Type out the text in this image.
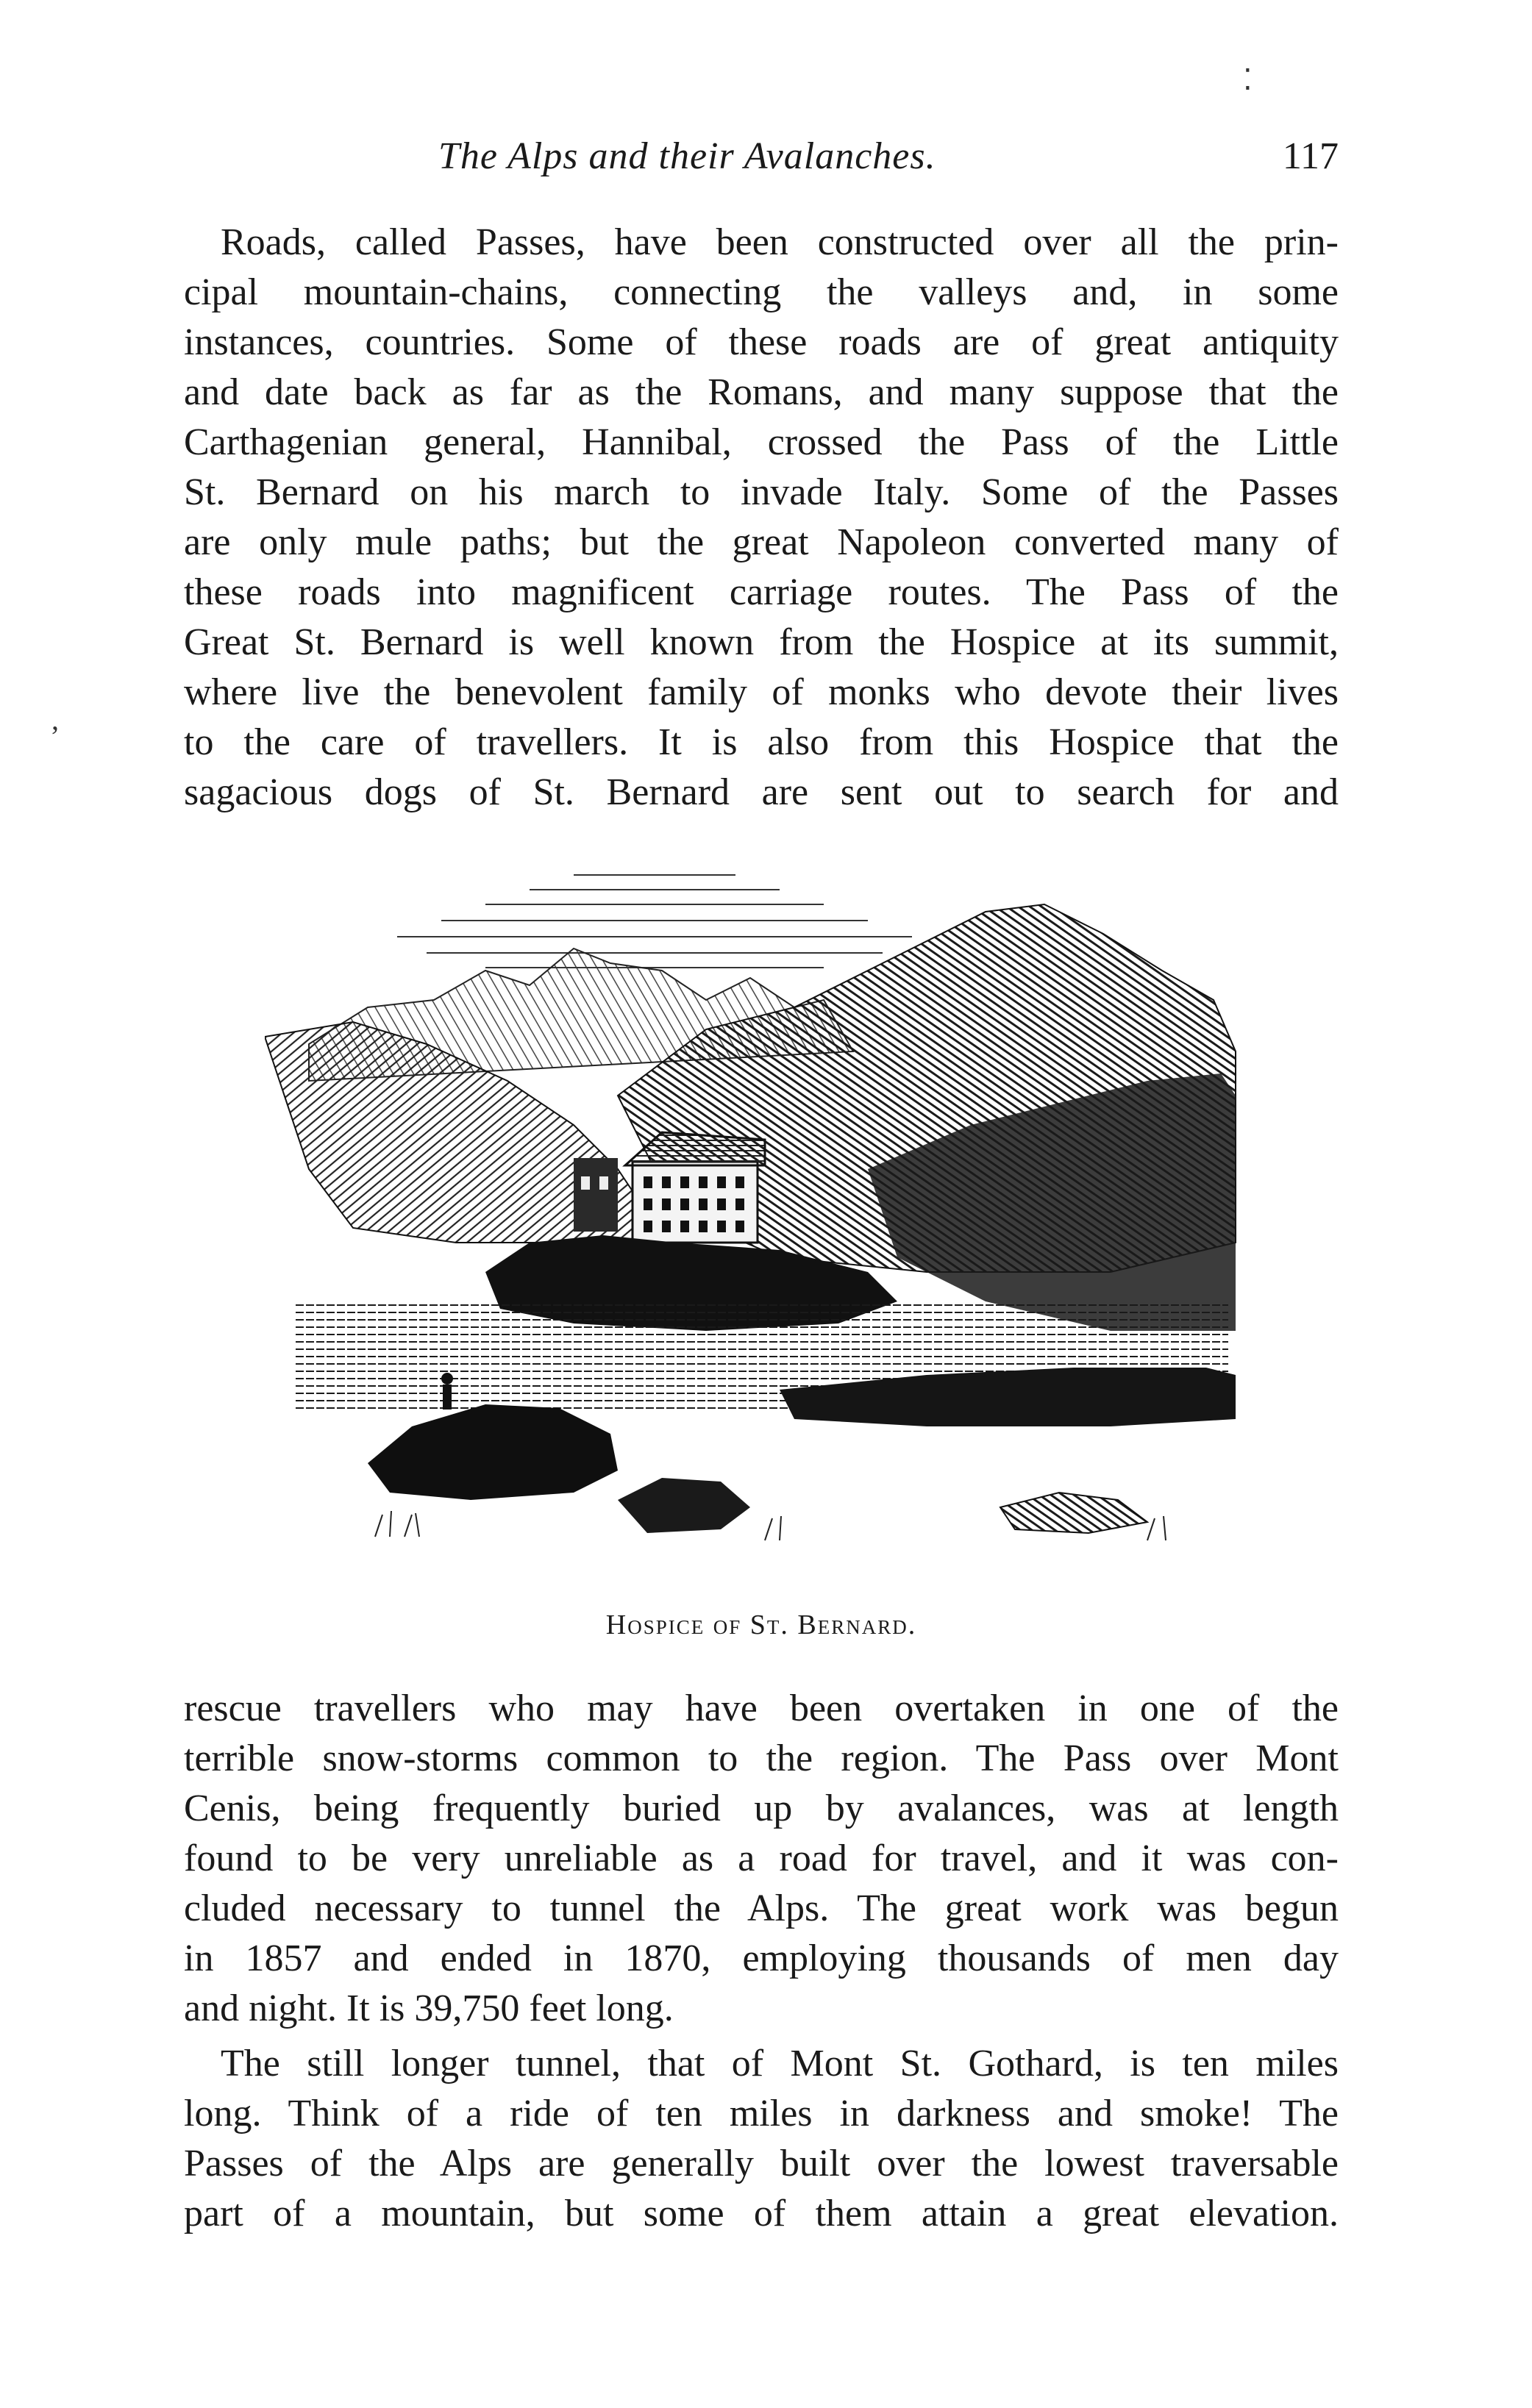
⁚
,
The Alps and their Avalanches.	117
Roads, called Passes, have been constructed over all the prin-
cipal mountain-chains, connecting the valleys and, in some
instances, countries. Some of these roads are of great antiquity
and date back as far as the Romans, and many suppose that the
Carthagenian general, Hannibal, crossed the Pass of the Little
St. Bernard on his march to invade Italy. Some of the Passes
are only mule paths; but the great Napoleon converted many of
these roads into magnificent carriage routes. The Pass of the
Great St. Bernard is well known from the Hospice at its summit,
where live the benevolent family of monks who devote their lives
to the care of travellers. It is also from this Hospice that the
sagacious dogs of St. Bernard are sent out to search for and
Hospice of St. Bernard.
rescue travellers who may have been overtaken in one of the
terrible snow-storms common to the region. The Pass over Mont
Cenis, being frequently buried up by avalances, was at length
found to be very unreliable as a road for travel, and it was con-
cluded necessary to tunnel the Alps. The great work was begun
in 1857 and ended in 1870, employing thousands of men day
and night. It is 39,750 feet long.
The still longer tunnel, that of Mont St. Gothard, is ten miles
long. Think of a ride of ten miles in darkness and smoke! The
Passes of the Alps are generally built over the lowest traversable
part of a mountain, but some of them attain a great elevation.
